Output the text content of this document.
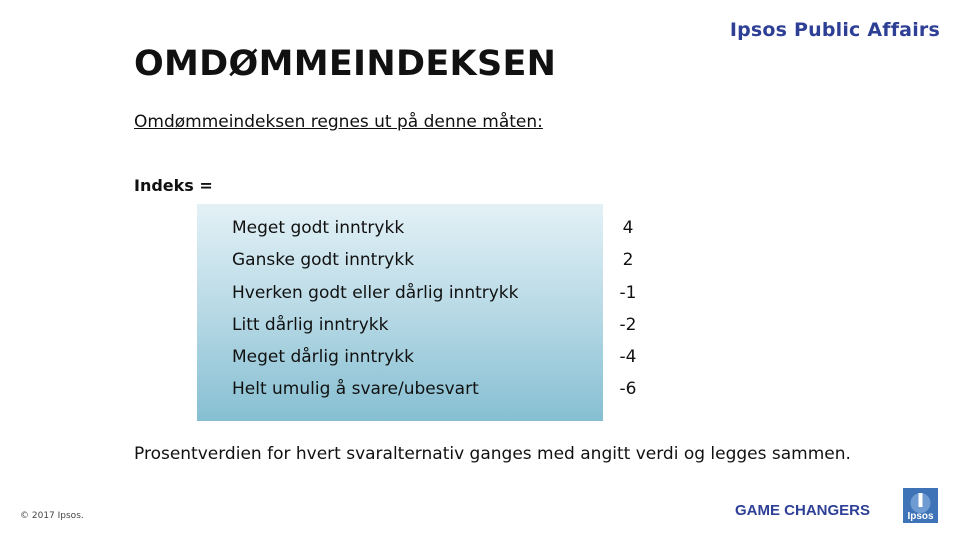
Ipsos Public Affairs
OMDØMMEINDEKSEN
Omdømmeindeksen regnes ut på denne måten:
Indeks =
Meget godt inntrykk	4
Ganske godt inntrykk	2
Hverken godt eller dårlig inntrykk	-1
Litt dårlig inntrykk	-2
Meget dårlig inntrykk	-4
Helt umulig å svare/ubesvart	-6
Prosentverdien for hvert svaralternativ ganges med angitt verdi og legges sammen.
© 2017 Ipsos.	GAME CHANGERS	Ipsos
